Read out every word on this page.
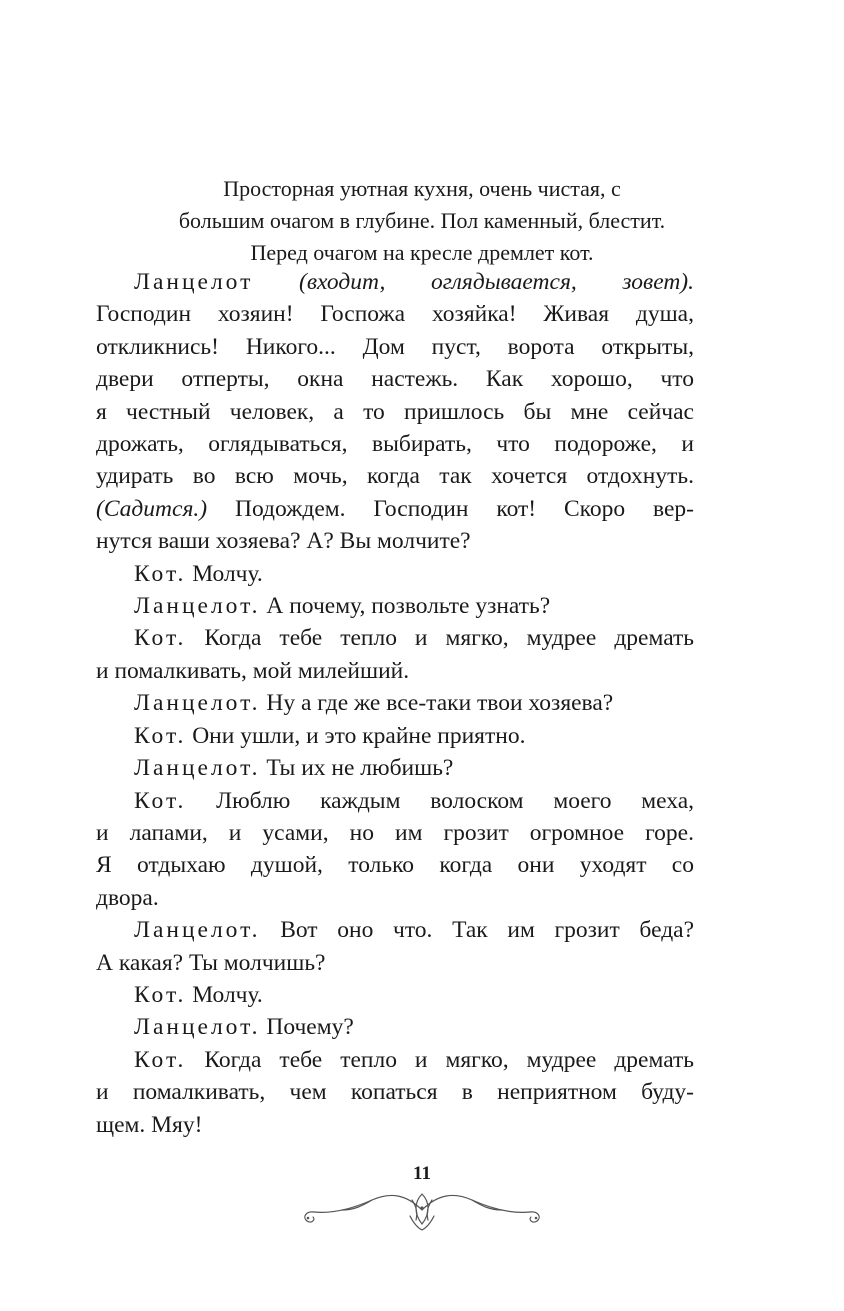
Просторная уютная кухня, очень чистая, с
большим очагом в глубине. Пол каменный, блестит.
Перед очагом на кресле дремлет кот.
Ланцелот (входит, оглядывается, зовет).
Господин хозяин! Госпожа хозяйка! Живая душа,
откликнись! Никого... Дом пуст, ворота открыты,
двери отперты, окна настежь. Как хорошо, что
я честный человек, а то пришлось бы мне сейчас
дрожать, оглядываться, выбирать, что подороже, и
удирать во всю мочь, когда так хочется отдохнуть.
(Садится.) Подождем. Господин кот! Скоро вер-
нутся ваши хозяева? А? Вы молчите?
Кот. Молчу.
Ланцелот. А почему, позвольте узнать?
Кот. Когда тебе тепло и мягко, мудрее дремать
и помалкивать, мой милейший.
Ланцелот. Ну а где же все-таки твои хозяева?
Кот. Они ушли, и это крайне приятно.
Ланцелот. Ты их не любишь?
Кот. Люблю каждым волоском моего меха,
и лапами, и усами, но им грозит огромное горе.
Я отдыхаю душой, только когда они уходят со
двора.
Ланцелот. Вот оно что. Так им грозит беда?
А какая? Ты молчишь?
Кот. Молчу.
Ланцелот. Почему?
Кот. Когда тебе тепло и мягко, мудрее дремать
и помалкивать, чем копаться в неприятном буду-
щем. Мяу!
11
